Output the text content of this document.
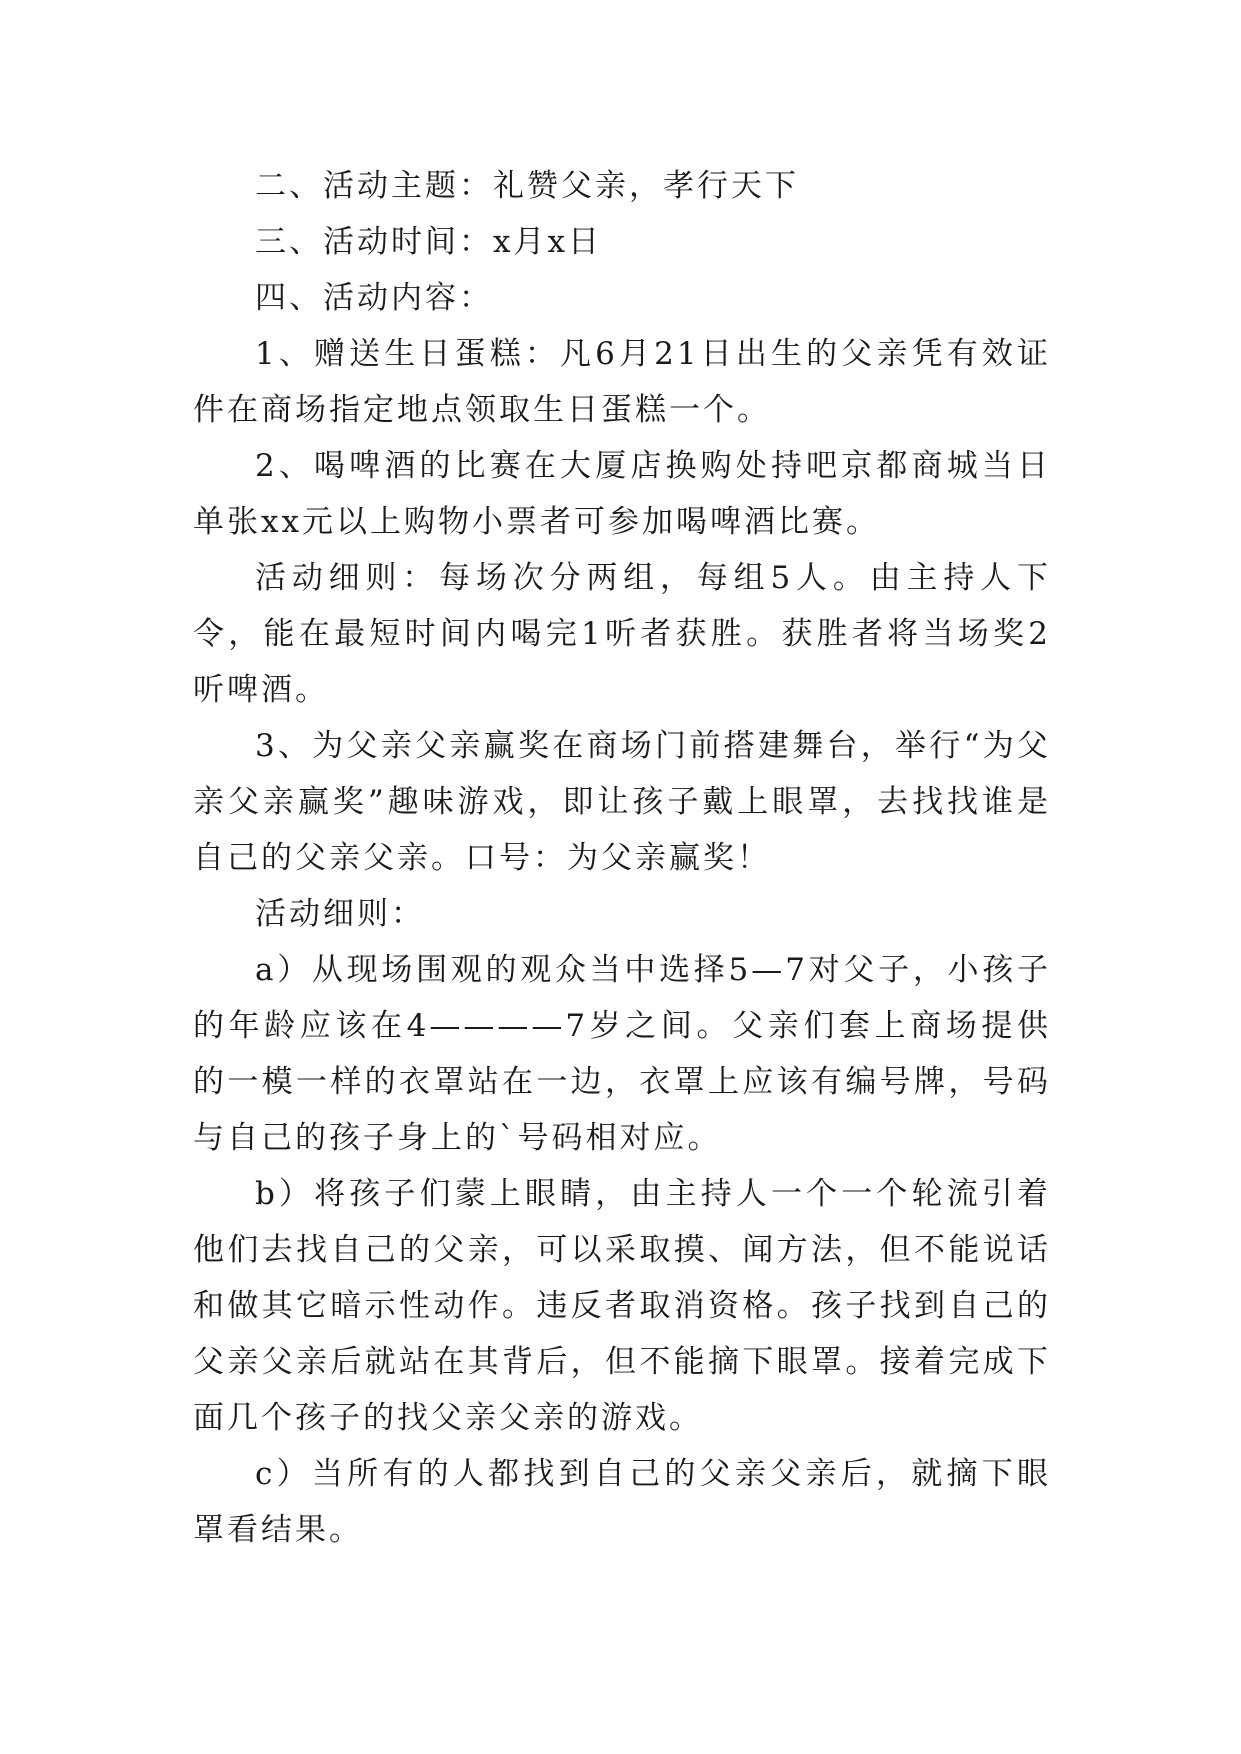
二、活动主题：礼赞父亲，孝行天下

三、活动时间：x月x日

四、活动内容：

1、赠送生日蛋糕：凡6月21日出生的父亲凭有效证件在商场指定地点领取生日蛋糕一个。

2、喝啤酒的比赛在大厦店换购处持吧京都商城当日单张xx元以上购物小票者可参加喝啤酒比赛。

活动细则：每场次分两组，每组5人。由主持人下令，能在最短时间内喝完1听者获胜。获胜者将当场奖2听啤酒。

3、为父亲父亲赢奖在商场门前搭建舞台，举行“为父亲父亲赢奖”趣味游戏，即让孩子戴上眼罩，去找找谁是自己的父亲父亲。口号：为父亲赢奖！

活动细则：

a）从现场围观的观众当中选择5—7对父子，小孩子的年龄应该在4————7岁之间。父亲们套上商场提供的一模一样的衣罩站在一边，衣罩上应该有编号牌，号码与自己的孩子身上的`号码相对应。

b）将孩子们蒙上眼睛，由主持人一个一个轮流引着他们去找自己的父亲，可以采取摸、闻方法，但不能说话和做其它暗示性动作。违反者取消资格。孩子找到自己的父亲父亲后就站在其背后，但不能摘下眼罩。接着完成下面几个孩子的找父亲父亲的游戏。

c）当所有的人都找到自己的父亲父亲后，就摘下眼罩看结果。
